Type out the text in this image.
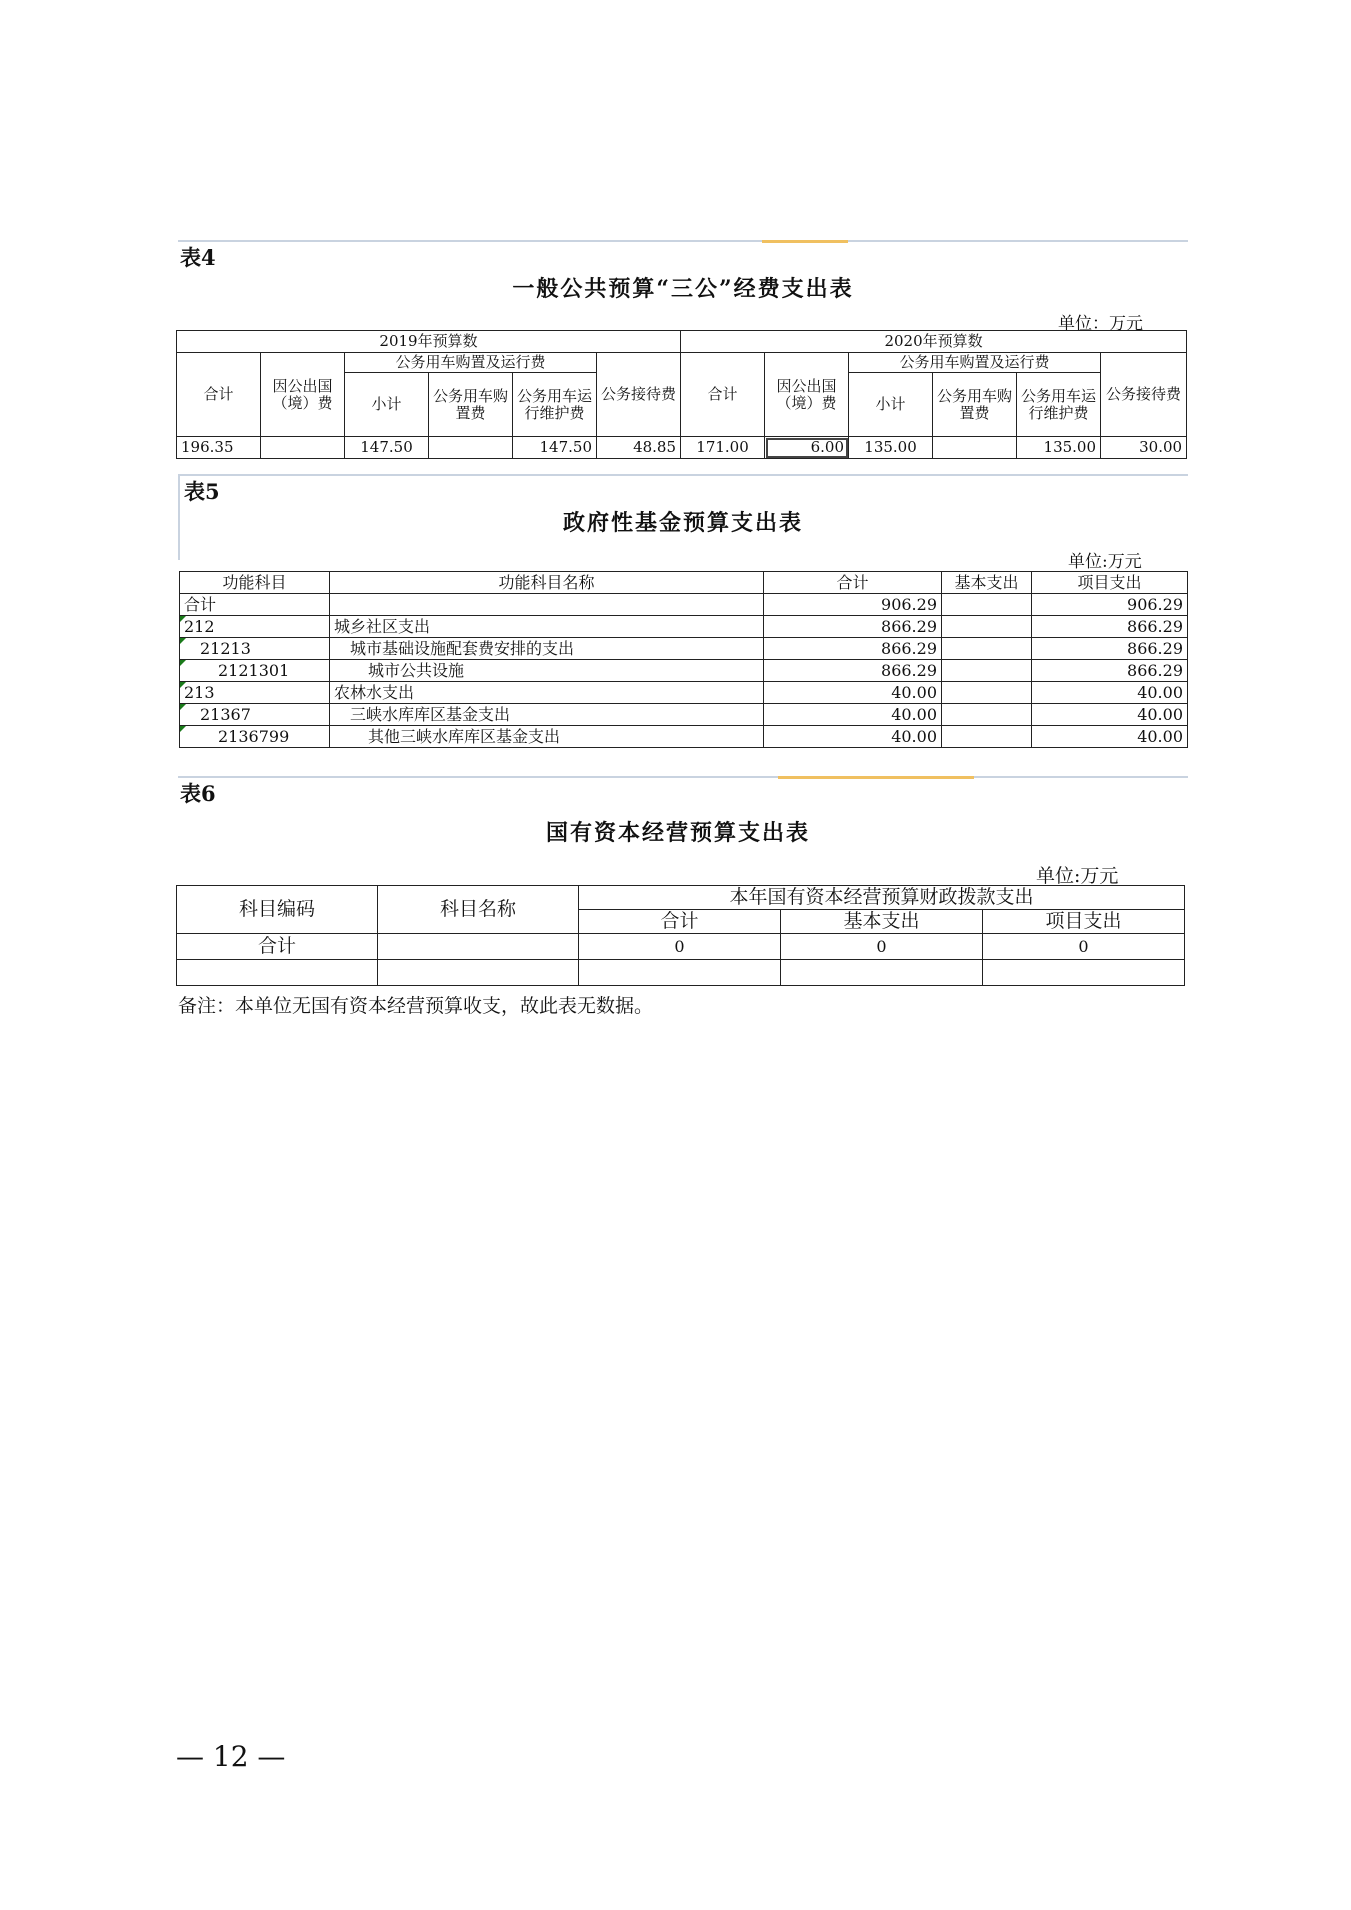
表4
一般公共预算“三公”经费支出表
单位：万元
2019年预算数						2020年预算数					
合计	因公出国（境）费	公务用车购置及运行费			公务接待费	合计	因公出国（境）费	公务用车购置及运行费			公务接待费
		小计	公务用车购置费	公务用车运行维护费				小计	公务用车购置费	公务用车运行维护费	
196.35		147.50		147.50	48.85	171.00	6.00	135.00		135.00	30.00
表5
政府性基金预算支出表
单位:万元
功能科目	功能科目名称	合计	基本支出	项目支出
合计		906.29		906.29
212	城乡社区支出	866.29		866.29
21213	城市基础设施配套费安排的支出	866.29		866.29
2121301	城市公共设施	866.29		866.29
213	农林水支出	40.00		40.00
21367	三峡水库库区基金支出	40.00		40.00
2136799	其他三峡水库库区基金支出	40.00		40.00
表6
国有资本经营预算支出表
单位:万元
科目编码	科目名称	本年国有资本经营预算财政拨款支出		
		合计	基本支出	项目支出
合计		0	0	0

备注：本单位无国有资本经营预算收支，故此表无数据。
— 12 —
